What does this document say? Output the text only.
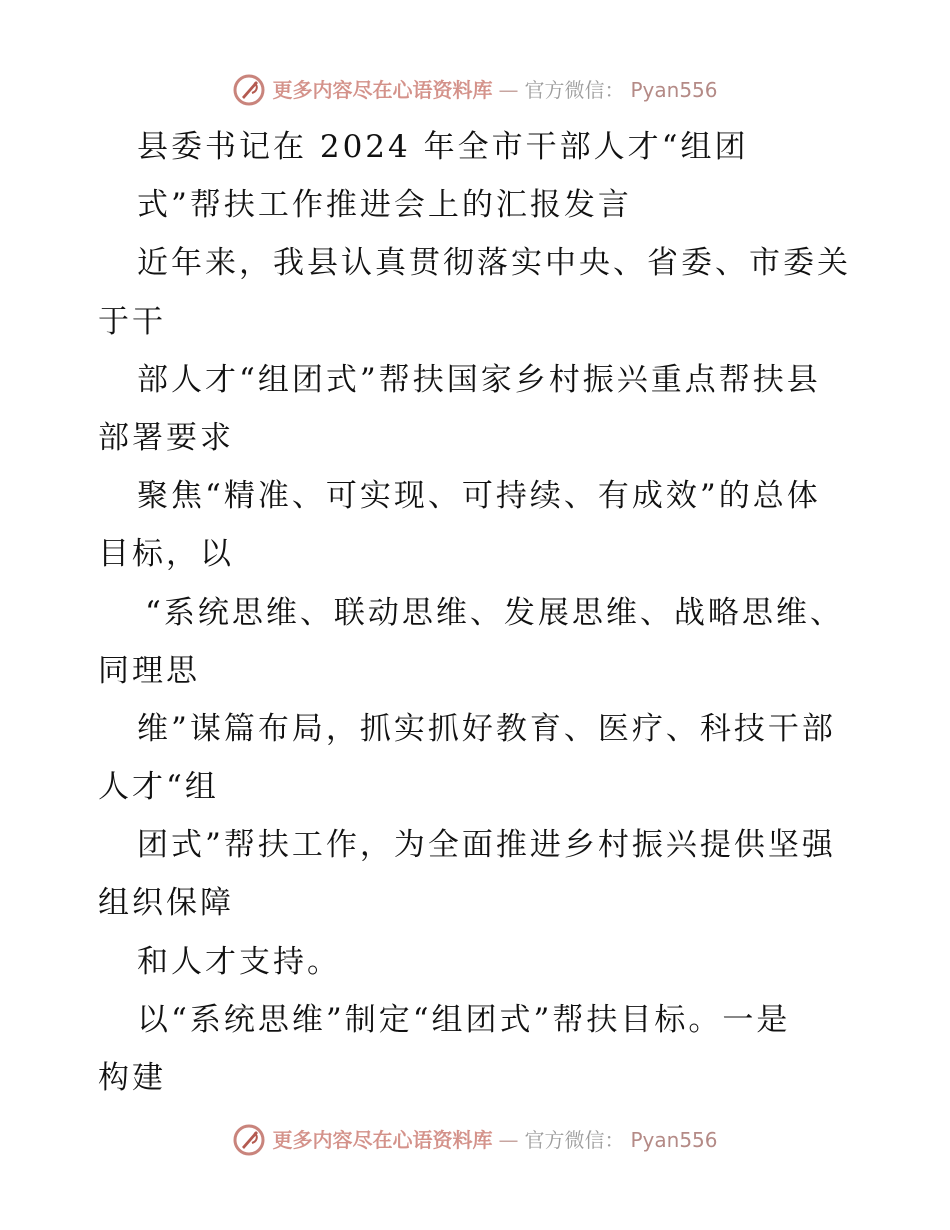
更多内容尽在心语资料库 — 官方微信： Pyan556
县委书记在 2024 年全市干部人才“组团
式”帮扶工作推进会上的汇报发言
近年来，我县认真贯彻落实中央、省委、市委关
于干
部人才“组团式”帮扶国家乡村振兴重点帮扶县
部署要求
聚焦“精准、可实现、可持续、有成效”的总体
目标，以
“系统思维、联动思维、发展思维、战略思维、
同理思
维”谋篇布局，抓实抓好教育、医疗、科技干部
人才“组
团式”帮扶工作，为全面推进乡村振兴提供坚强
组织保障
和人才支持。
以“系统思维”制定“组团式”帮扶目标。一是
构建
更多内容尽在心语资料库 — 官方微信： Pyan556
